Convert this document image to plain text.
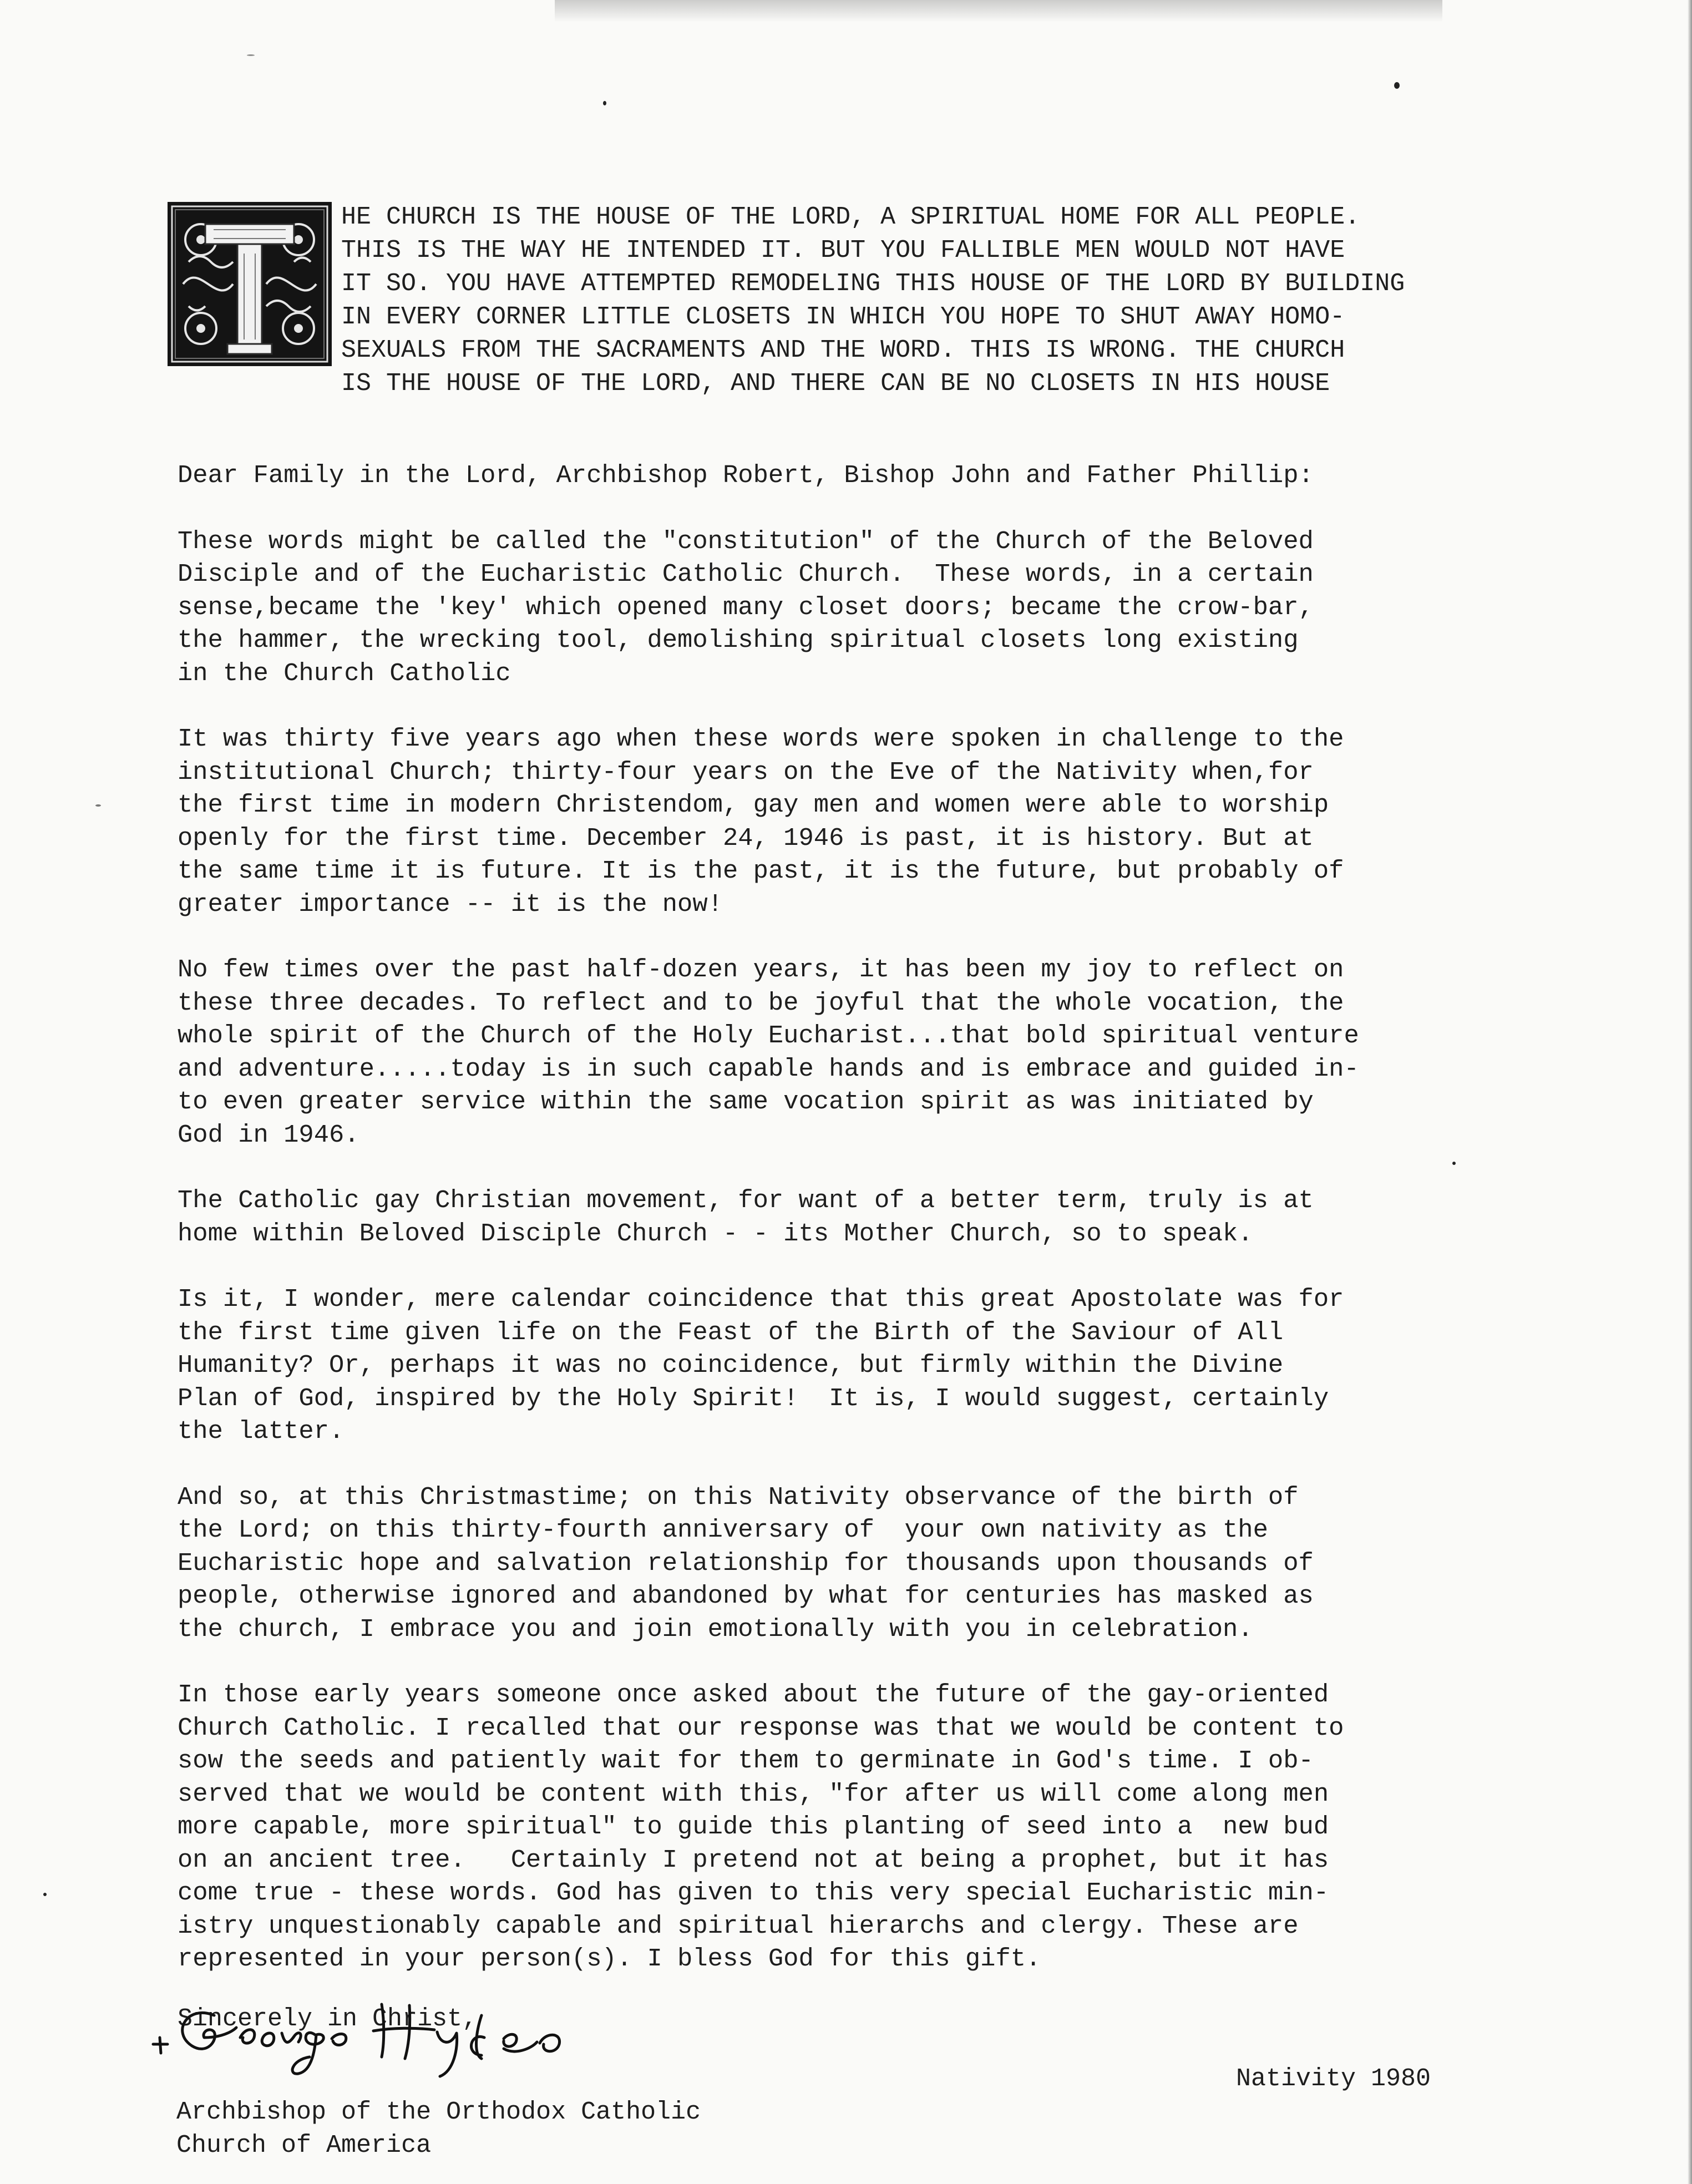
HE CHURCH IS THE HOUSE OF THE LORD, A SPIRITUAL HOME FOR ALL PEOPLE.
THIS IS THE WAY HE INTENDED IT. BUT YOU FALLIBLE MEN WOULD NOT HAVE
IT SO. YOU HAVE ATTEMPTED REMODELING THIS HOUSE OF THE LORD BY BUILDING
IN EVERY CORNER LITTLE CLOSETS IN WHICH YOU HOPE TO SHUT AWAY HOMO-
SEXUALS FROM THE SACRAMENTS AND THE WORD. THIS IS WRONG. THE CHURCH
IS THE HOUSE OF THE LORD, AND THERE CAN BE NO CLOSETS IN HIS HOUSE
Dear Family in the Lord, Archbishop Robert, Bishop John and Father Phillip:
These words might be called the "constitution" of the Church of the Beloved
Disciple and of the Eucharistic Catholic Church.  These words, in a certain
sense,became the 'key' which opened many closet doors; became the crow-bar,
the hammer, the wrecking tool, demolishing spiritual closets long existing
in the Church Catholic
It was thirty five years ago when these words were spoken in challenge to the
institutional Church; thirty-four years on the Eve of the Nativity when,for
the first time in modern Christendom, gay men and women were able to worship
openly for the first time. December 24, 1946 is past, it is history. But at
the same time it is future. It is the past, it is the future, but probably of
greater importance -- it is the now!
No few times over the past half-dozen years, it has been my joy to reflect on
these three decades. To reflect and to be joyful that the whole vocation, the
whole spirit of the Church of the Holy Eucharist...that bold spiritual venture
and adventure.....today is in such capable hands and is embrace and guided in-
to even greater service within the same vocation spirit as was initiated by
God in 1946.
The Catholic gay Christian movement, for want of a better term, truly is at
home within Beloved Disciple Church - - its Mother Church, so to speak.
Is it, I wonder, mere calendar coincidence that this great Apostolate was for
the first time given life on the Feast of the Birth of the Saviour of All
Humanity? Or, perhaps it was no coincidence, but firmly within the Divine
Plan of God, inspired by the Holy Spirit!  It is, I would suggest, certainly
the latter.
And so, at this Christmastime; on this Nativity observance of the birth of
the Lord; on this thirty-fourth anniversary of  your own nativity as the
Eucharistic hope and salvation relationship for thousands upon thousands of
people, otherwise ignored and abandoned by what for centuries has masked as
the church, I embrace you and join emotionally with you in celebration.
In those early years someone once asked about the future of the gay-oriented
Church Catholic. I recalled that our response was that we would be content to
sow the seeds and patiently wait for them to germinate in God's time. I ob-
served that we would be content with this, "for after us will come along men
more capable, more spiritual" to guide this planting of seed into a  new bud
on an ancient tree.   Certainly I pretend not at being a prophet, but it has
come true - these words. God has given to this very special Eucharistic min-
istry unquestionably capable and spiritual hierarchs and clergy. These are
represented in your person(s). I bless God for this gift.
Sincerely in Christ,
Nativity 1980
Archbishop of the Orthodox Catholic
Church of America
